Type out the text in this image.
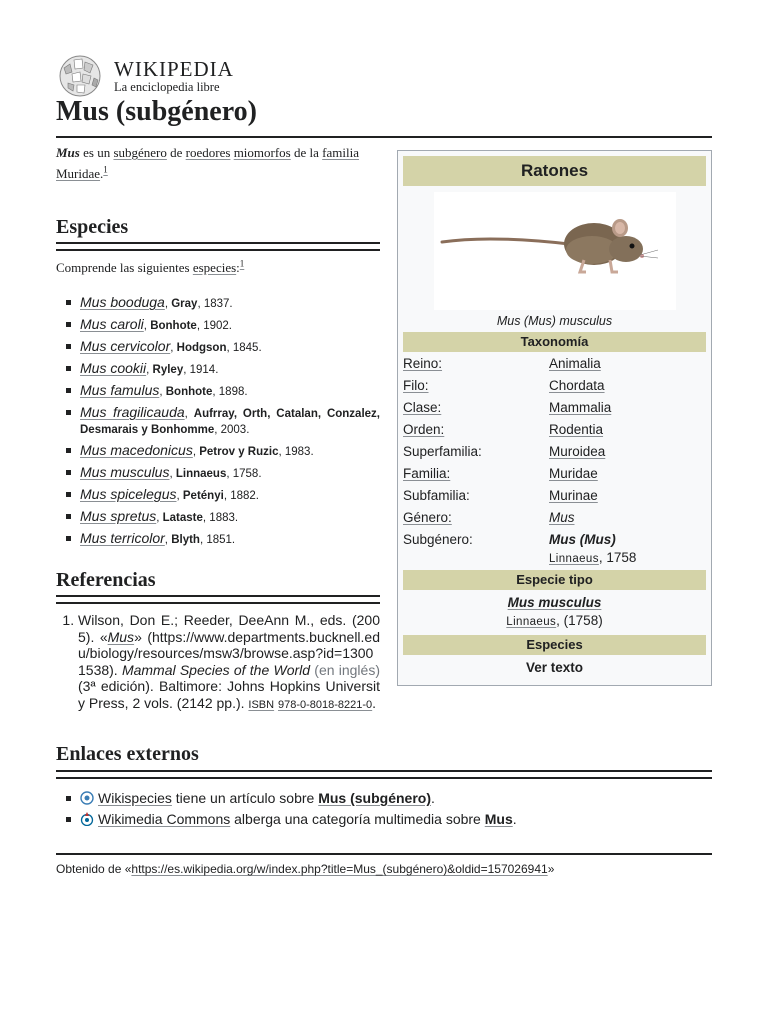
WIKIPEDIA
La enciclopedia libre
Mus (subgénero)

Mus es un subgénero de roedores miomorfos de la familia Muridae.$^1$

Especies

Comprende las siguientes especies:$^1$

Mus booduga, Gray, 1837.
Mus caroli, Bonhote, 1902.
Mus cervicolor, Hodgson, 1845.
Mus cookii, Ryley, 1914.
Mus famulus, Bonhote, 1898.
Mus fragilicauda, Aufrray, Orth, Catalan, Conzalez, Desmarais y Bonhomme, 2003.
Mus macedonicus, Petrov y Ruzic, 1983.
Mus musculus, Linnaeus, 1758.
Mus spicelegus, Petényi, 1882.
Mus spretus, Lataste, 1883.
Mus terricolor, Blyth, 1851.
Referencias
1. Wilson, Don E.; Reeder, DeeAnn M., eds. (2005). «Mus» (https://www.departments.bucknell.edu/biology/resources/msw3/browse.asp?id=13001538). Mammal Species of the World (en inglés) (3ª edición). Baltimore: Johns Hopkins University Press, 2 vols. (2142 pp.). ISBN 978-0-8018-8221-0.
Ratones
Mus (Mus) musculus
Taxonomía
Reino:	Animalia
Filo:	Chordata
Clase:	Mammalia
Orden:	Rodentia
Superfamilia:	Muroidea
Familia:	Muridae
Subfamilia:	Murinae
Género:	Mus
Subgénero:	Mus (Mus)
Linnaeus, 1758
Especie tipo
Mus musculus
Linnaeus, (1758)
Especies
Ver texto
Enlaces externos
Wikispecies tiene un artículo sobre Mus (subgénero).
Wikimedia Commons alberga una categoría multimedia sobre Mus.
Obtenido de «https://es.wikipedia.org/w/index.php?title=Mus_(subgénero)&oldid=157026941»
